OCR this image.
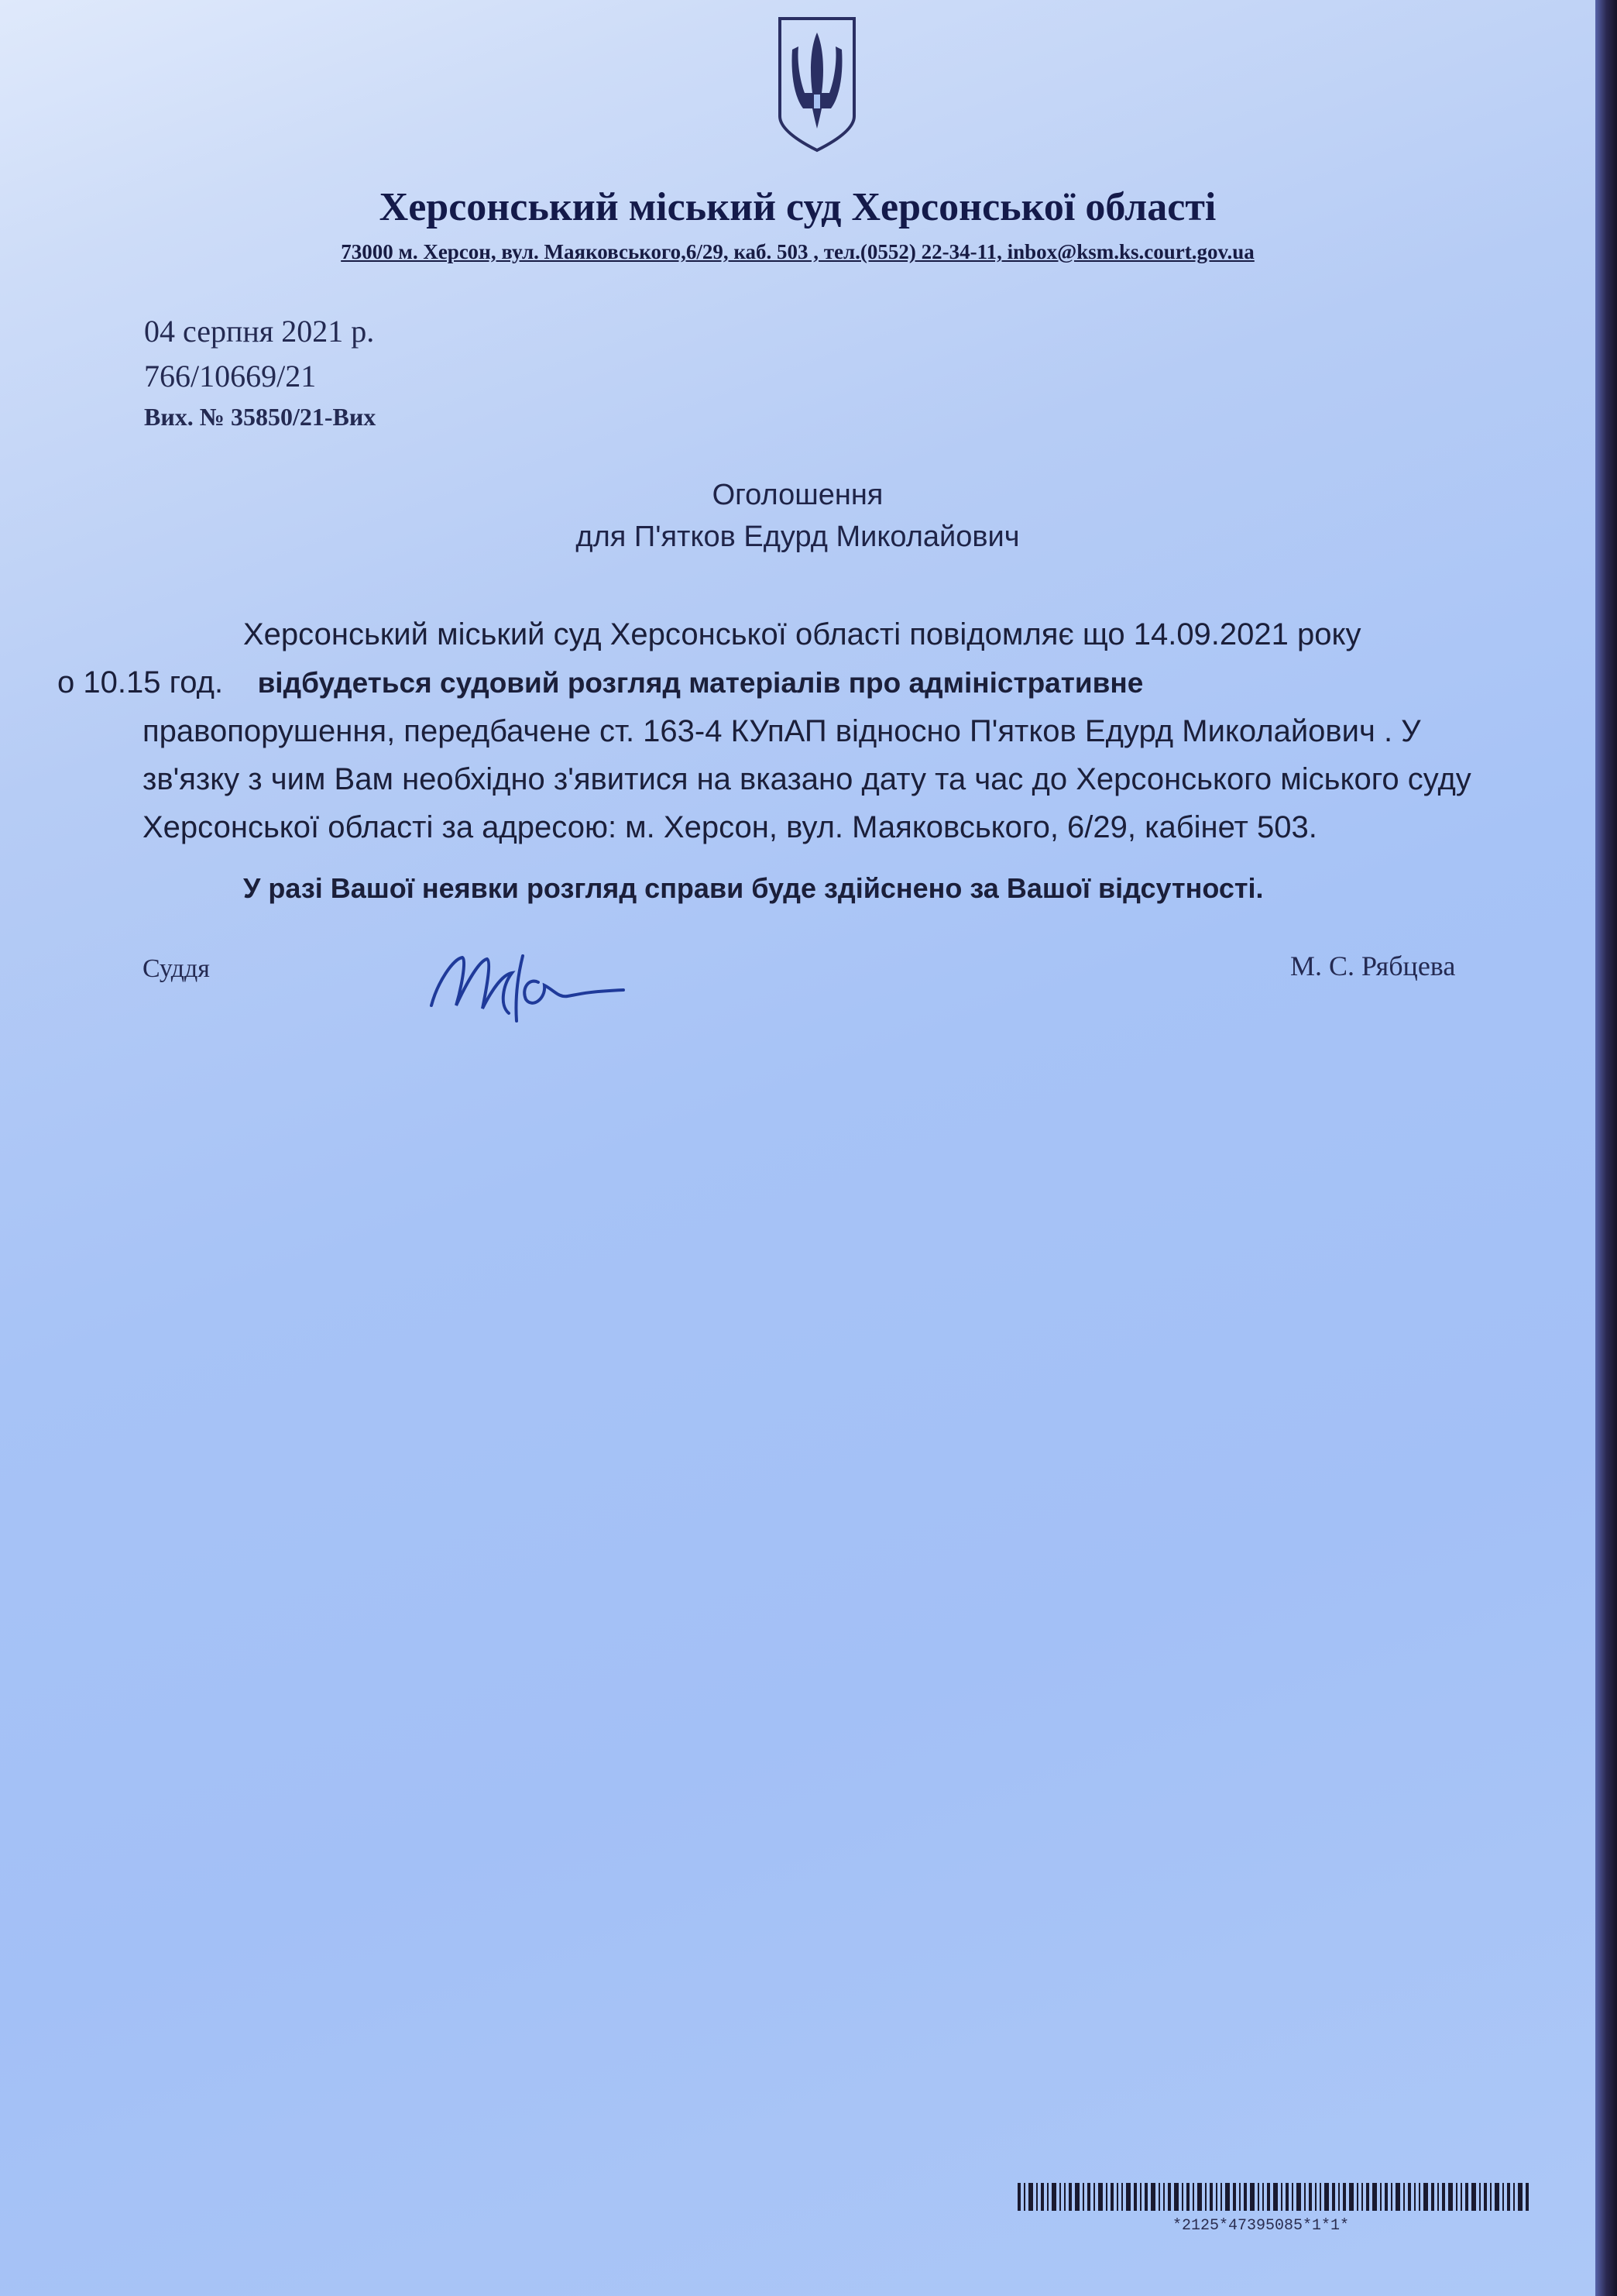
Херсонський міський суд Херсонської області
73000 м. Херсон, вул. Маяковського,6/29, каб. 503 , тел.(0552) 22-34-11, inbox@ksm.ks.court.gov.ua
04 серпня 2021 р.
766/10669/21
Вих. № 35850/21-Вих
Оголошення
для П'ятков Едурд Миколайович

Херсонський міський суд Херсонської області повідомляє що 14.09.2021 року
о 10.15 год. відбудеться судовий розгляд матеріалів про адміністративне
правопорушення, передбачене ст. 163-4 КУпАП відносно П'ятков Едурд Миколайович . У зв'язку з чим Вам необхідно з'явитися на вказано дату та час до Херсонського міського суду Херсонської області за адресою: м. Херсон, вул. Маяковського, 6/29, кабінет 503.

У разі Вашої неявки розгляд справи буде здійснено за Вашої відсутності.
Суддя	М. С. Рябцева
*2125*47395085*1*1*
